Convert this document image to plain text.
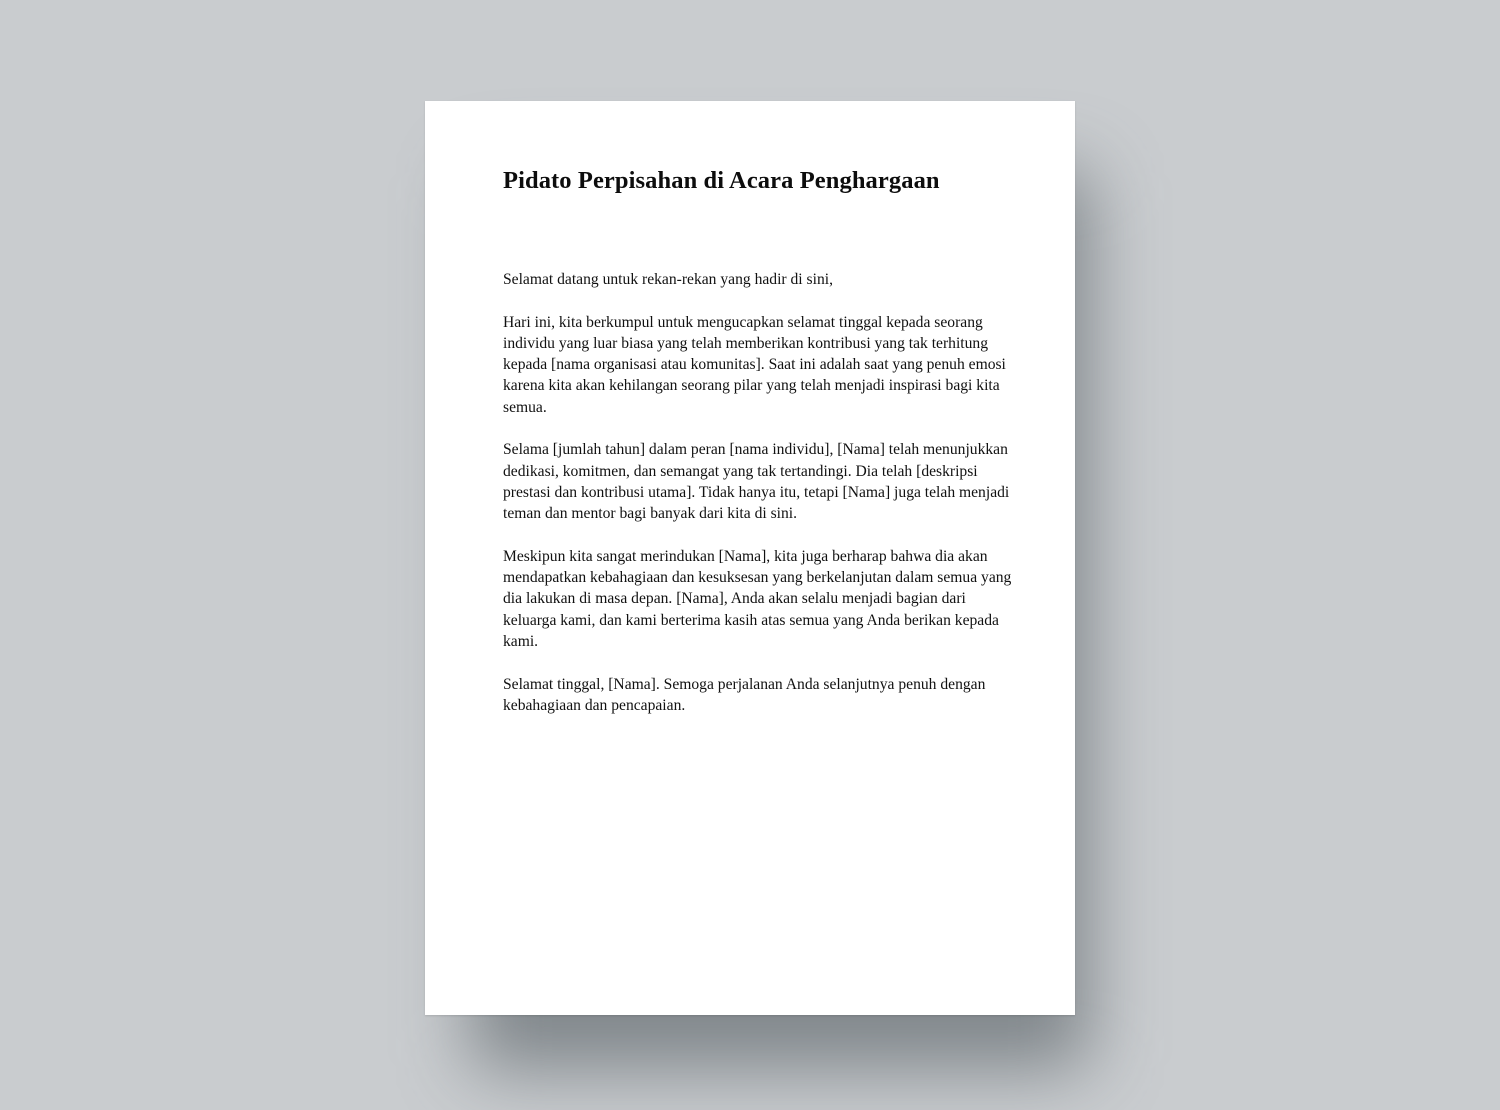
Pidato Perpisahan di Acara Penghargaan

Selamat datang untuk rekan-rekan yang hadir di sini,

Hari ini, kita berkumpul untuk mengucapkan selamat tinggal kepada seorang individu yang luar biasa yang telah memberikan kontribusi yang tak terhitung kepada [nama organisasi atau komunitas]. Saat ini adalah saat yang penuh emosi karena kita akan kehilangan seorang pilar yang telah menjadi inspirasi bagi kita semua.

Selama [jumlah tahun] dalam peran [nama individu], [Nama] telah menunjukkan dedikasi, komitmen, dan semangat yang tak tertandingi. Dia telah [deskripsi prestasi dan kontribusi utama]. Tidak hanya itu, tetapi [Nama] juga telah menjadi teman dan mentor bagi banyak dari kita di sini.

Meskipun kita sangat merindukan [Nama], kita juga berharap bahwa dia akan mendapatkan kebahagiaan dan kesuksesan yang berkelanjutan dalam semua yang dia lakukan di masa depan. [Nama], Anda akan selalu menjadi bagian dari keluarga kami, dan kami berterima kasih atas semua yang Anda berikan kepada kami.

Selamat tinggal, [Nama]. Semoga perjalanan Anda selanjutnya penuh dengan kebahagiaan dan pencapaian.
